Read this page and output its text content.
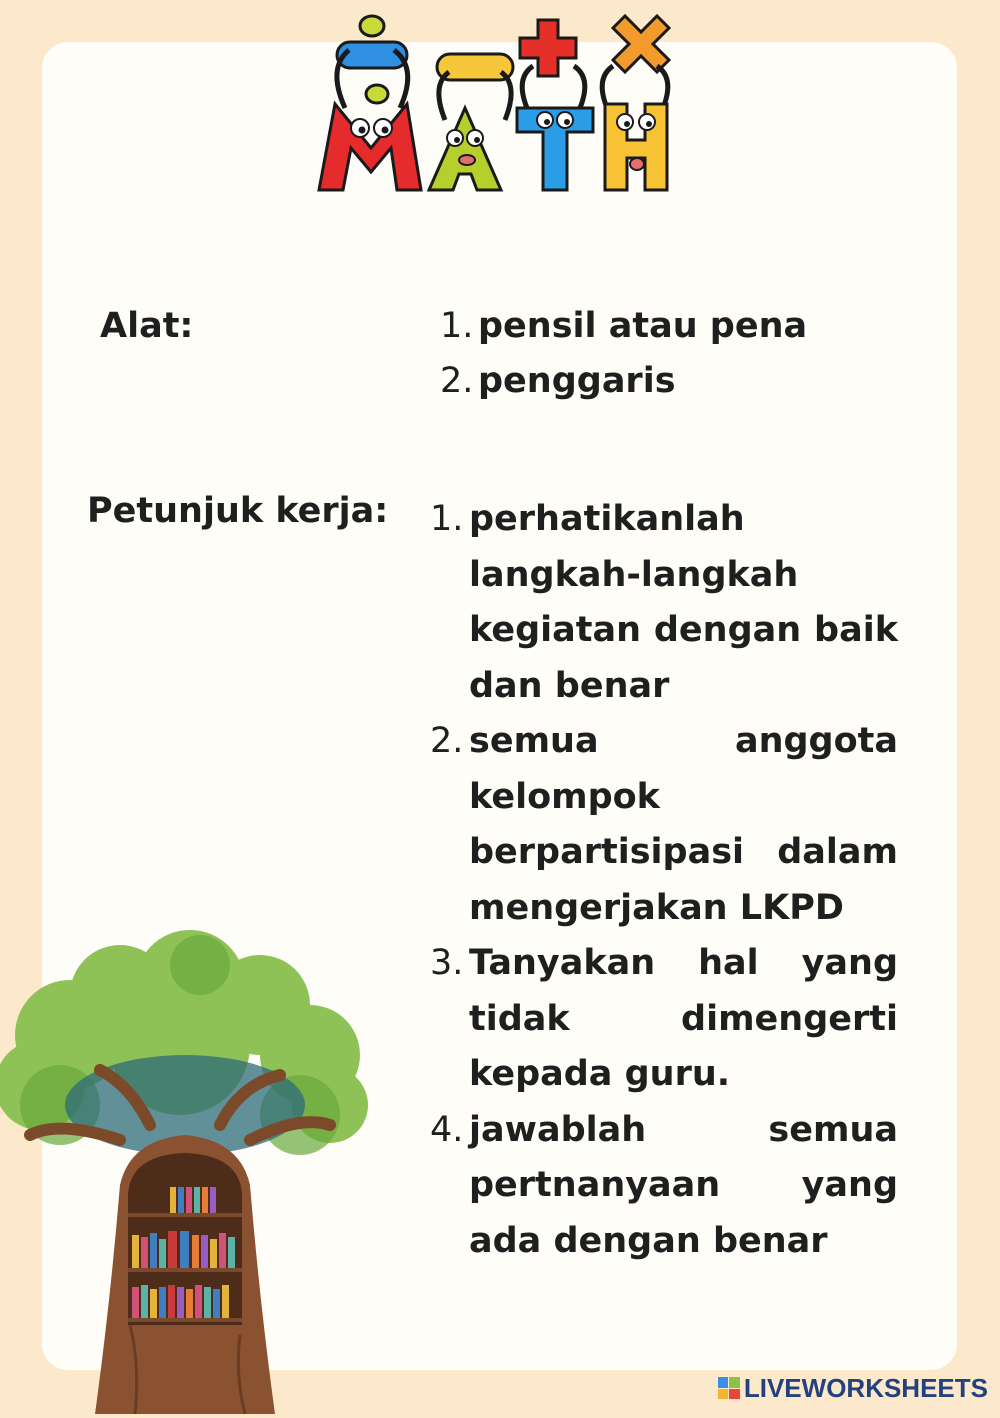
Alat:	1. pensil atau pena
2. penggaris
Petunjuk kerja: 1. perhatikanlah langkah-langkah kegiatan dengan baik dan benar
2. semua anggota kelompok berpartisipasi dalam mengerjakan LKPD
3. Tanyakan hal yang tidak dimengerti kepada guru.
4. jawablah semua pertnanyaan yang ada dengan benar
LIVEWORKSHEETS
